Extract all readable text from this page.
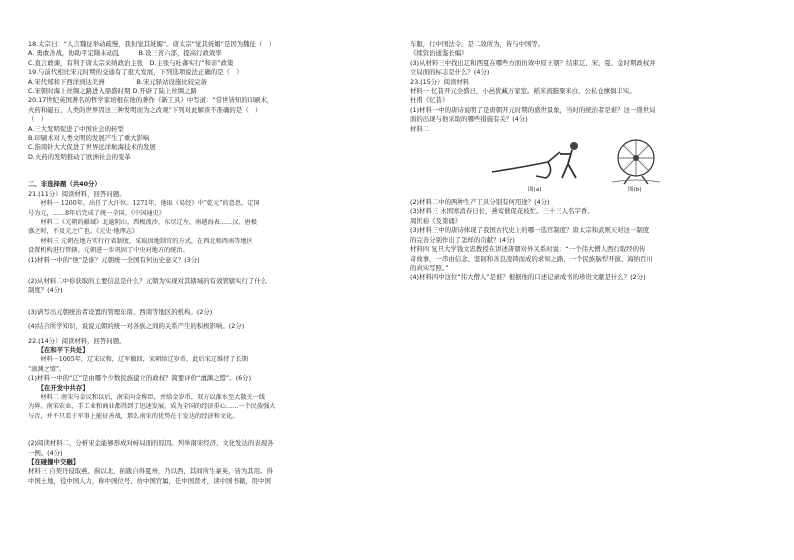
18.太宗曰：“人言魏征举动疏慢，我但觉其妩媚”。唐太宗“觉其妩媚”是因为魏征（　）
A. 勇敢善战，协助平定隋末动乱　　　B.设三省六部，提高行政效率
C.直言敢谏，有利于唐太宗采纳政治主张　D.主张与吐蕃实行“和亲”政策
19.与前代相比宋元时期的交通有了很大发展，下列选项说法正确的是（　）
A.宋代郑和下西洋到达美洲　　　　　B.宋元驿站设施比较完备
C.宋朝时海上丝绸之路进入鼎盛时期 D.开辟了陆上丝绸之路
20.17世纪英国著名的哲学家培根在他的著作《新工具》中写道：“常世皆知的印刷术，
火药和磁石，人类的世界因这三种发明而为之改观”下列对此解读不准确的是（　）
（　）
A.三大发明促进了中国社会的转型
B.印刷术对人类文明的发展产生了重大影响
C.指南针大大促进了世界远洋航海技术的发展
D.火药的发明推动了欧洲社会的变革
二、非选择题（共40分）
21.(11分）阅读材料，回答问题。
　　材料一 1260年，出任了大汗位。1271年，他取《易经》中“乾元”的意思，定国
号为元，……8年后完成了统一全国。《中国通史》
　　材料二《元朝的疆域》北逾阴山，西极流沙，东尽辽左，南越海表……汉、唐极
盛之时，不及元之广也。《元史·地理志》
　　材料三 元朝在地方实行行省制度，采取因地制宜的方式，在西北和西南等地区
设置机构进行管辖。元朝进一步巩固了中央对地方的统治。
(1)材料一中的“他”是谁？元朝统一全国有何历史意义？(3分)
(2)从材料二中你获取的主要信息是什么？元朝为实现对其辖域的有效管辖实行了什么
制度？(4分)
(3)请写出元朝统治者设置的管理东南、西南等地区的机构。(2分)
(4)结合所学知识，说说元朝的统一对各族之间的关系产生的积极影响。(2分)
22.(14分）阅读材料，回答问题。
　　【在和平下共处】
　　材料一1005年，辽宋议和，辽军撤回，宋朝给辽岁币，此后宋辽维持了长期
“澶渊之盟”。
(1)材料一中的“辽”是由哪个少数民族建立的政权？简要评价“澶渊之盟”。(6分)
　　【在开发中共存】
　　材料二 南宋与金议和以后，南宋向金称臣，并给金岁币，双方以淮水至大散关一线
为界。南宋农业、手工业和商业都得到了迅速发展，成为全国的经济重心……一个民族强大
与否，并不只看于军事上能征善战，那么南宋的优势在于发达的经济和文化。
(2)阅读材料二，分析宋金能够形成对峙局面的原因。列举南宋经济、文化发达的表现各
一例。(4分)
【在碰撞中交融】
材料三 自契丹侵取燕、蓟以北，拓跋自得夏州，乃以西，其间所生豪英，皆为其用。得
中国土地，役中国人力，称中国位号，仿中国官属，任中国贤才，读中国书籍，用中国
车服，行中国法令。是二敌所为，皆与中国等。
《续资治通鉴长编》
(3)从材料三中找出辽和西夏在哪些方面仿效中原王朝？结束辽、宋、夏、金时期政权并
立局面的标志是什么？(4分)
23.(15分）阅读材料
材料一 忆昔开元全盛日，小邑犹藏万家室。稻米流脂粟米白，公私仓廪俱丰实。
杜甫《忆昔》
(1)材料一中的唐诗说明了是唐朝开元时期的盛世景象，当时的统治者是谁？这一盛世局
面的出现与他采取的哪些措施有关？(4分)
材料二
图(a)	图(b)
(2)材料二中的两种生产工具分别有何用途？(4分)
(3)材料三 水国寒消春日长，燕莺催促花枝忙。三十三人名字香。
周匡裕《及第诵》
(3)材料三中的唐诗体现了我国古代史上的哪一选官制度？唐太宗和武则天对这一制度
的完善分别作出了怎样的贡献？(4分)
材料四 复旦大学钱文忠教授在讲述唐朝对外关系时说：“一个伟大僧人西行取经的传
奇故事，一串由信念、坚韧和善良凌铸而成的求知之路，一个民族脑悍开拔、海纳百川
的真实写照。”
(4)材料四中这位“伟大僧人”是谁？根据他的口述记录成书的珍贵文献是什么？(2分)
